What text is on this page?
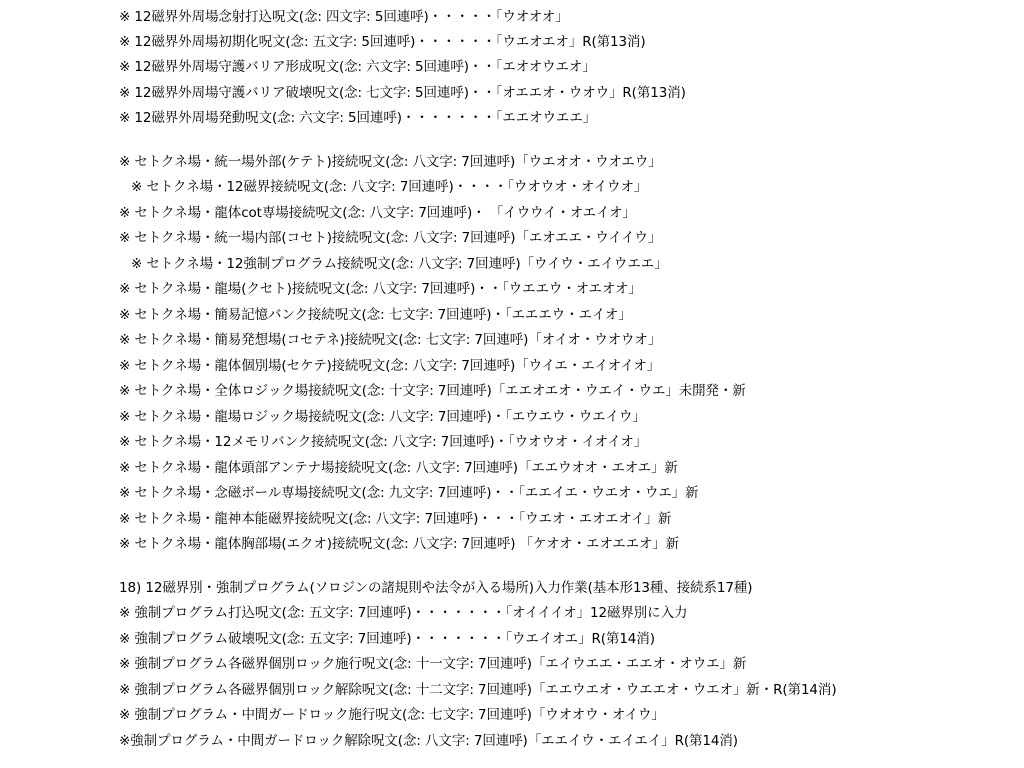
※ 12磁界外周場念射打込呪文(念: 四文字: 5回連呼)・・・・・「ウオオオ」
※ 12磁界外周場初期化呪文(念: 五文字: 5回連呼)・・・・・・「ウエオエオ」R(第13消)
※ 12磁界外周場守護バリア形成呪文(念: 六文字: 5回連呼)・・「エオオウエオ」
※ 12磁界外周場守護バリア破壊呪文(念: 七文字: 5回連呼)・・「オエエオ・ウオウ」R(第13消)
※ 12磁界外周場発動呪文(念: 六文字: 5回連呼)・・・・・・・「エエオウエエ」
※ セトクネ場・統一場外部(ケテト)接続呪文(念: 八文字: 7回連呼)「ウエオオ・ウオエウ」
※ セトクネ場・12磁界接続呪文(念: 八文字: 7回連呼)・・・・「ウオウオ・オイウオ」
※ セトクネ場・龍体cot専場接続呪文(念: 八文字: 7回連呼)・ 「イウウイ・オエイオ」
※ セトクネ場・統一場内部(コセト)接続呪文(念: 八文字: 7回連呼)「エオエエ・ウイイウ」
※ セトクネ場・12強制プログラム接続呪文(念: 八文字: 7回連呼)「ウイウ・エイウエエ」
※ セトクネ場・龍場(クセト)接続呪文(念: 八文字: 7回連呼)・・「ウエエウ・オエオオ」
※ セトクネ場・簡易記憶バンク接続呪文(念: 七文字: 7回連呼)・「エエエウ・エイオ」
※ セトクネ場・簡易発想場(コセテネ)接続呪文(念: 七文字: 7回連呼)「オイオ・ウオウオ」
※ セトクネ場・龍体個別場(セケテ)接続呪文(念: 八文字: 7回連呼)「ウイエ・エイオイオ」
※ セトクネ場・全体ロジック場接続呪文(念: 十文字: 7回連呼)「エエオエオ・ウエイ・ウエ」未開発・新
※ セトクネ場・龍場ロジック場接続呪文(念: 八文字: 7回連呼)・「エウエウ・ウエイウ」
※ セトクネ場・12メモリバンク接続呪文(念: 八文字: 7回連呼)・「ウオウオ・イオイオ」
※ セトクネ場・龍体頭部アンテナ場接続呪文(念: 八文字: 7回連呼)「エエウオオ・エオエ」新
※ セトクネ場・念磁ボール専場接続呪文(念: 九文字: 7回連呼)・・「エエイエ・ウエオ・ウエ」新
※ セトクネ場・龍神本能磁界接続呪文(念: 八文字: 7回連呼)・・・「ウエオ・エオエオイ」新
※ セトクネ場・龍体胸部場(エクオ)接続呪文(念: 八文字: 7回連呼) 「ケオオ・エオエエオ」新
18) 12磁界別・強制プログラム(ソロジンの諸規則や法令が入る場所)入力作業(基本形13種、接続系17種)
※ 強制プログラム打込呪文(念: 五文字: 7回連呼)・・・・・・・「オイイイオ」12磁界別に入力
※ 強制プログラム破壊呪文(念: 五文字: 7回連呼)・・・・・・・「ウエイオエ」R(第14消)
※ 強制プログラム各磁界個別ロック施行呪文(念: 十一文字: 7回連呼)「エイウエエ・エエオ・オウエ」新
※ 強制プログラム各磁界個別ロック解除呪文(念: 十二文字: 7回連呼)「エエウエオ・ウエエオ・ウエオ」新・R(第14消)
※ 強制プログラム・中間ガードロック施行呪文(念: 七文字: 7回連呼)「ウオオウ・オイウ」
※強制プログラム・中間ガードロック解除呪文(念: 八文字: 7回連呼)「エエイウ・エイエイ」R(第14消)
